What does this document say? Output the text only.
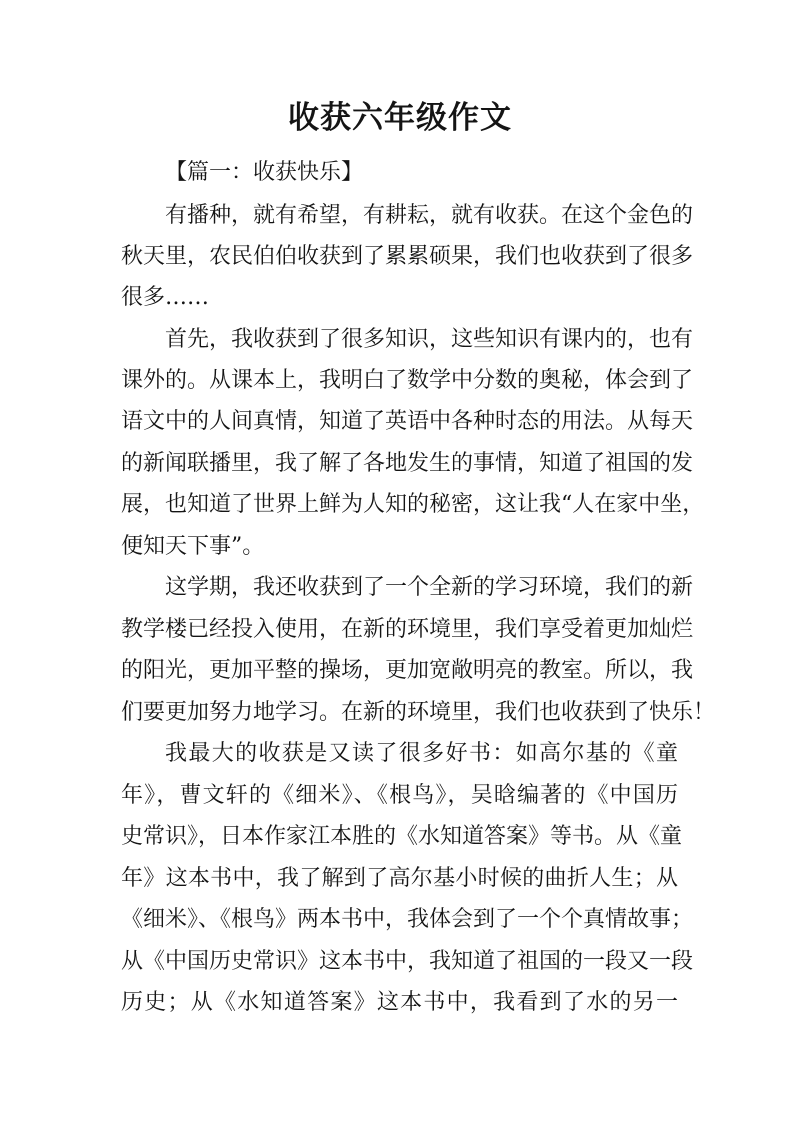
收获六年级作文
【篇一：收获快乐】
有播种，就有希望，有耕耘，就有收获。在这个金色的
秋天里，农民伯伯收获到了累累硕果，我们也收获到了很多
很多……
首先，我收获到了很多知识，这些知识有课内的，也有
课外的。从课本上，我明白了数学中分数的奥秘，体会到了
语文中的人间真情，知道了英语中各种时态的用法。从每天
的新闻联播里，我了解了各地发生的事情，知道了祖国的发
展，也知道了世界上鲜为人知的秘密，这让我“人在家中坐，
便知天下事”。
这学期，我还收获到了一个全新的学习环境，我们的新
教学楼已经投入使用，在新的环境里，我们享受着更加灿烂
的阳光，更加平整的操场，更加宽敞明亮的教室。所以，我
们要更加努力地学习。在新的环境里，我们也收获到了快乐！
我最大的收获是又读了很多好书：如高尔基的《童
年》，曹文轩的《细米》、《根鸟》，吴晗编著的《中国历
史常识》，日本作家江本胜的《水知道答案》等书。从《童
年》这本书中，我了解到了高尔基小时候的曲折人生；从
《细米》、《根鸟》两本书中，我体会到了一个个真情故事；
从《中国历史常识》这本书中，我知道了祖国的一段又一段
历史；从《水知道答案》这本书中，我看到了水的另一
